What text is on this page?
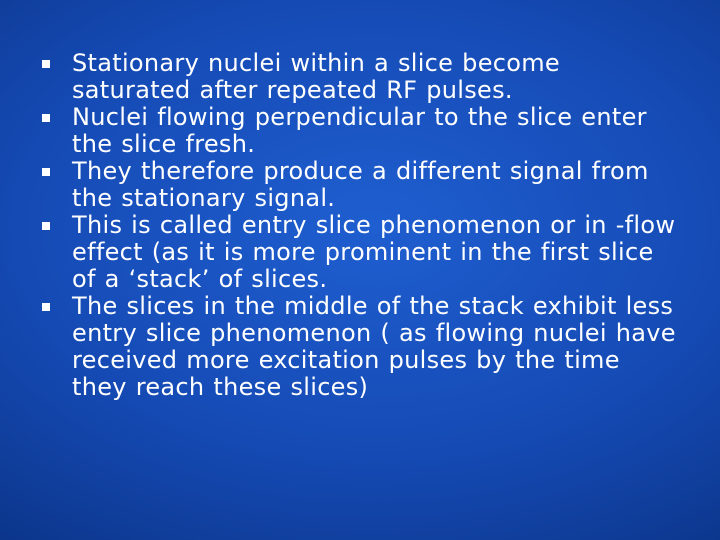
Stationary nuclei within a slice become saturated after repeated RF pulses.
Nuclei flowing perpendicular to the slice enter the slice fresh.
They therefore produce a different signal from the stationary signal.
This is called entry slice phenomenon or in -flow effect (as it is more prominent in the first slice of a ‘stack’ of slices.
The slices in the middle of the stack exhibit less entry slice phenomenon ( as flowing nuclei have received more excitation pulses by the time they reach these slices)
